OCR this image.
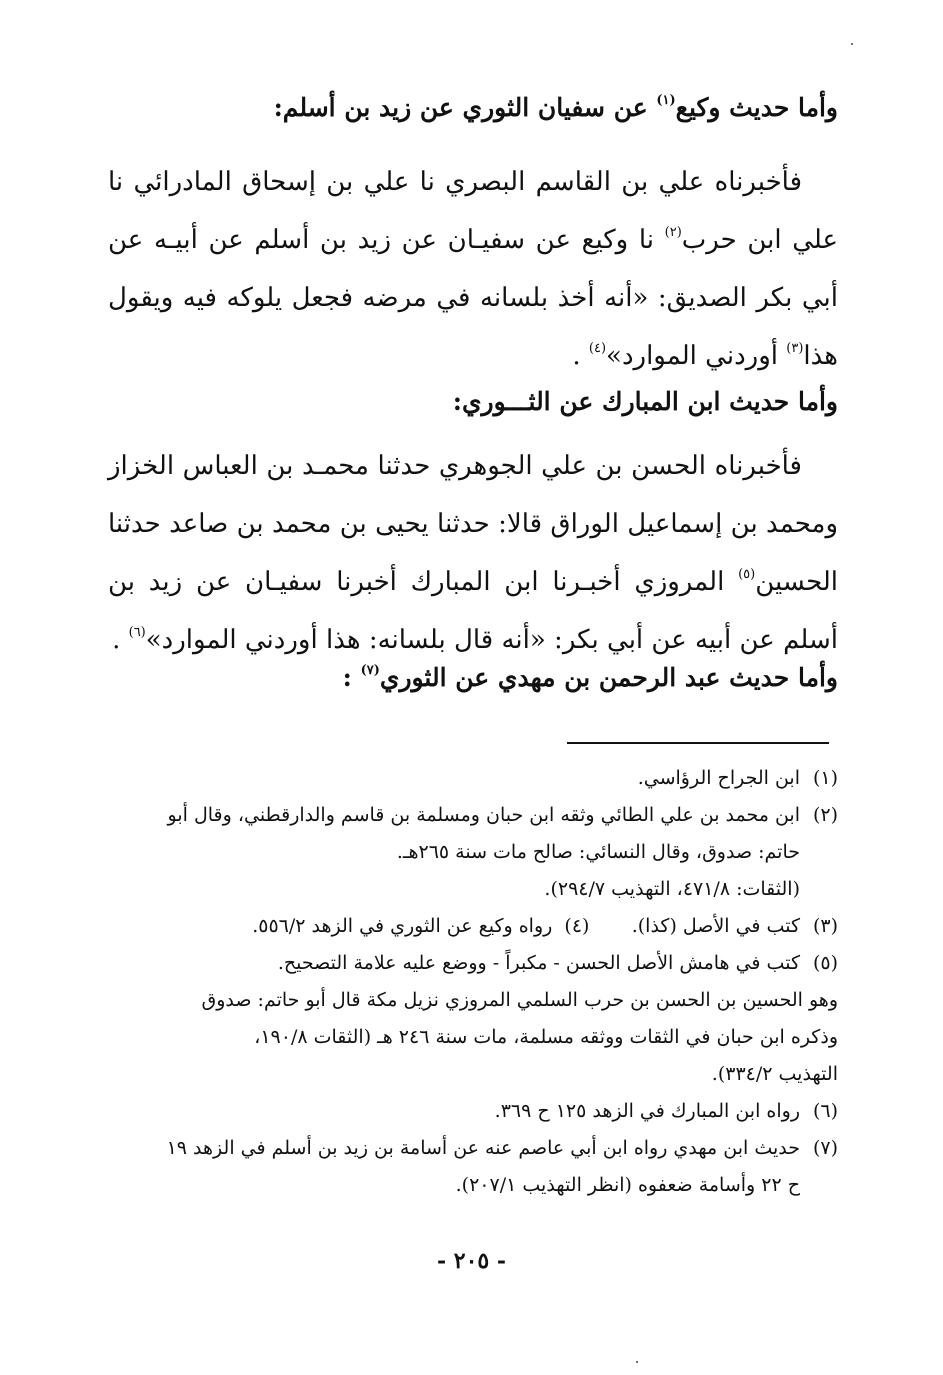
وأما حديث وكيع$^{(١)}$ عن سفيان الثوري عن زيد بن أسلم:
فأخبرناه علي بن القاسم البصري نا علي بن إسحاق المادرائي نا علي ابن حرب$^{(٢)}$ نا وكيع عن سفيـان عن زيد بن أسلم عن أبيـه عن أبي بكر الصديق: «أنه أخذ بلسانه في مرضه فجعل يلوكه فيه ويقول هذا$^{(٣)}$ أوردني الموارد»$^{(٤)}$ .
وأما حديث ابن المبارك عن الثـــوري:
فأخبرناه الحسن بن علي الجوهري حدثنا محمـد بن العباس الخزاز ومحمد بن إسماعيل الوراق قالا: حدثنا يحيى بن محمد بن صاعد حدثنا الحسين$^{(٥)}$ المروزي أخبـرنا ابن المبارك أخبرنا سفيـان عن زيد بن أسلم عن أبيه عن أبي بكر: «أنه قال بلسانه: هذا أوردني الموارد»$^{(٦)}$ .
وأما حديث عبد الرحمن بن مهدي عن الثوري$^{(٧)}$ :
(١)ابن الجراح الرؤاسي.
(٢)ابن محمد بن علي الطائي وثقه ابن حبان ومسلمة بن قاسم والدارقطني، وقال أبو
حاتم: صدوق، وقال النسائي: صالح مات سنة ٢٦٥هـ.
(الثقات: ٤٧١/٨، التهذيب ٢٩٤/٧).
(٣)كتب في الأصل (كذا).       (٤)  رواه وكيع عن الثوري في الزهد ٥٥٦/٢.
(٥)كتب في هامش الأصل الحسن - مكبراً - ووضع عليه علامة التصحيح.
وهو الحسين بن الحسن بن حرب السلمي المروزي نزيل مكة قال أبو حاتم: صدوق
وذكره ابن حبان في الثقات ووثقه مسلمة، مات سنة ٢٤٦ هـ (الثقات ١٩٠/٨،
التهذيب ٣٣٤/٢).
(٦)رواه ابن المبارك في الزهد ١٢٥ ح ٣٦٩.
(٧)حديث ابن مهدي رواه ابن أبي عاصم عنه عن أسامة بن زيد بن أسلم في الزهد ١٩
ح ٢٢ وأسامة ضعفوه (انظر التهذيب ٢٠٧/١).
- ٢٠٥ -
